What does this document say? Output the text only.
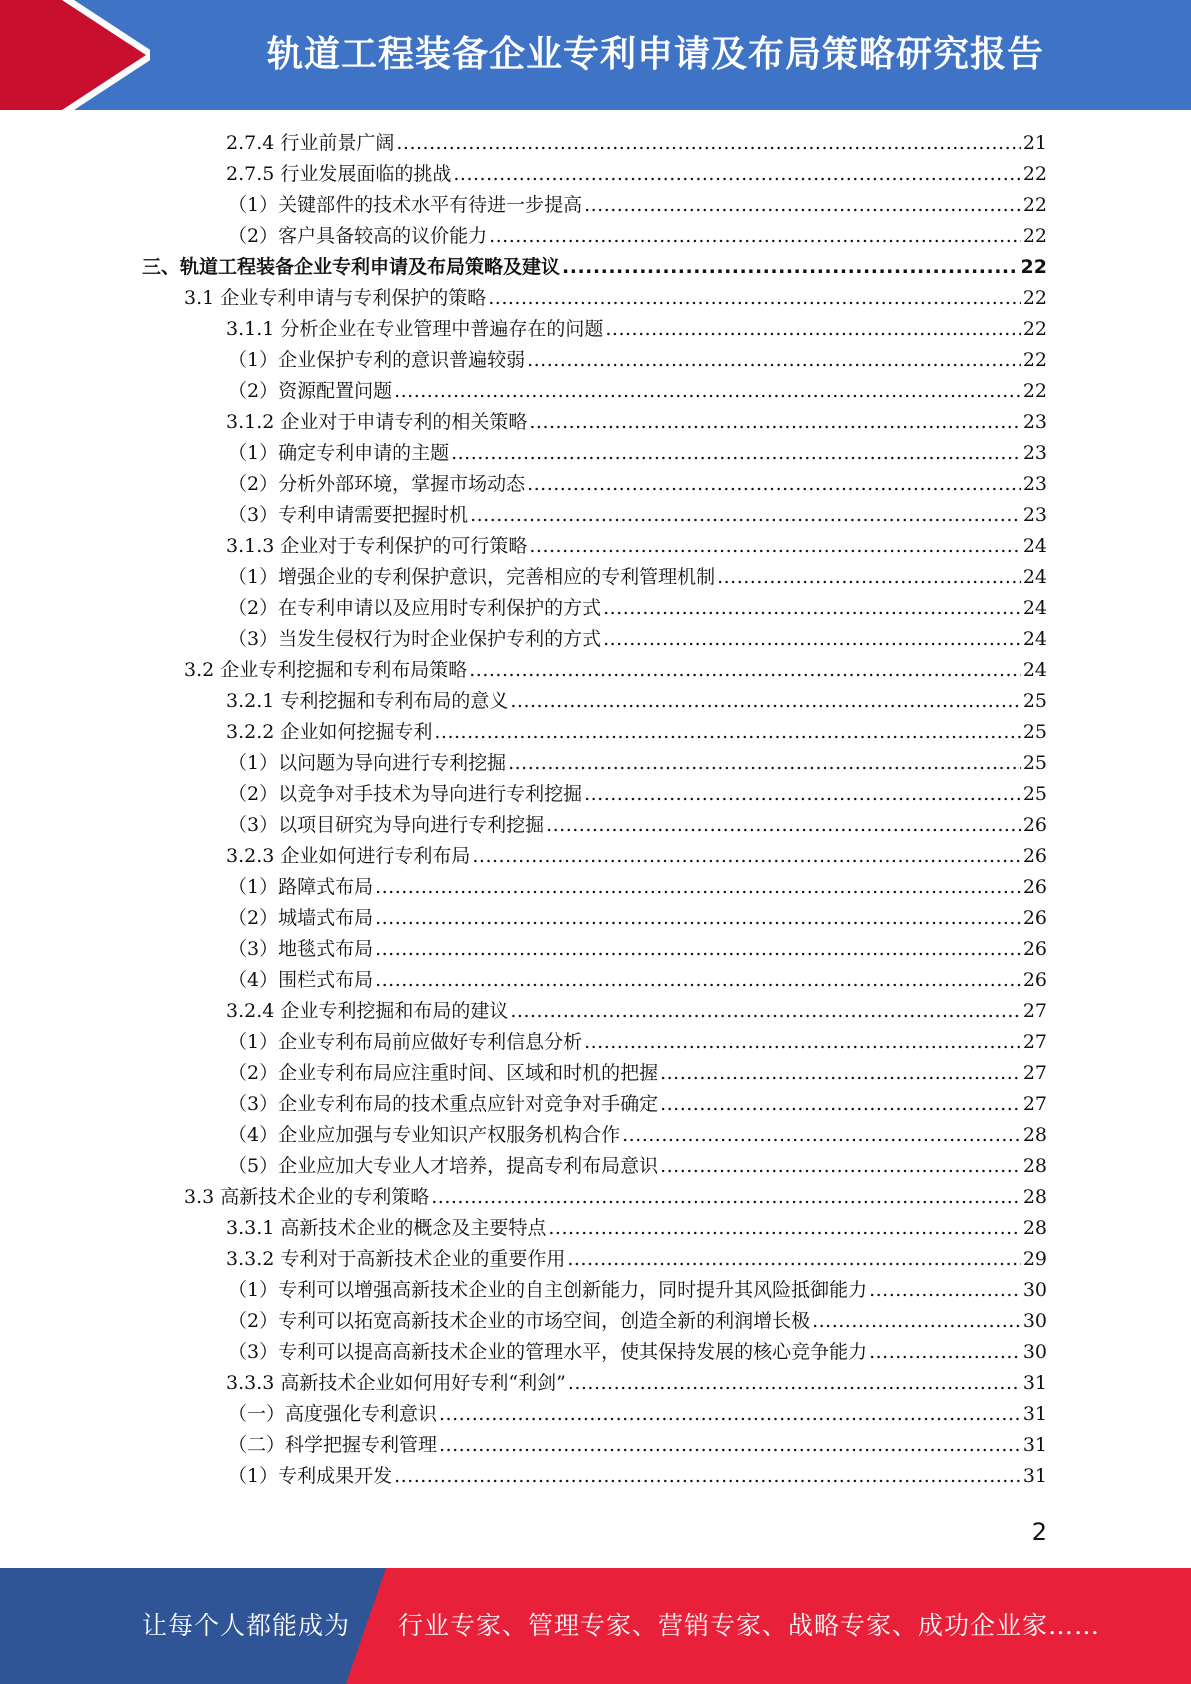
轨道工程装备企业专利申请及布局策略研究报告
2.7.4 行业前景广阔 .....	21
2.7.5 行业发展面临的挑战 .....	22
（1）关键部件的技术水平有待进一步提高 .....	22
（2）客户具备较高的议价能力 .....	22
三、轨道工程装备企业专利申请及布局策略及建议 .....	22
3.1 企业专利申请与专利保护的策略 .....	22
3.1.1 分析企业在专业管理中普遍存在的问题 .....	22
（1）企业保护专利的意识普遍较弱 .....	22
（2）资源配置问题 .....	22
3.1.2 企业对于申请专利的相关策略 .....	23
（1）确定专利申请的主题 .....	23
（2）分析外部环境，掌握市场动态 .....	23
（3）专利申请需要把握时机 .....	23
3.1.3 企业对于专利保护的可行策略 .....	24
（1）增强企业的专利保护意识，完善相应的专利管理机制 .....	24
（2）在专利申请以及应用时专利保护的方式 .....	24
（3）当发生侵权行为时企业保护专利的方式 .....	24
3.2 企业专利挖掘和专利布局策略 .....	24
3.2.1 专利挖掘和专利布局的意义 .....	25
3.2.2 企业如何挖掘专利 .....	25
（1）以问题为导向进行专利挖掘 .....	25
（2）以竞争对手技术为导向进行专利挖掘 .....	25
（3）以项目研究为导向进行专利挖掘 .....	26
3.2.3 企业如何进行专利布局 .....	26
（1）路障式布局 .....	26
（2）城墙式布局 .....	26
（3）地毯式布局 .....	26
（4）围栏式布局 .....	26
3.2.4 企业专利挖掘和布局的建议 .....	27
（1）企业专利布局前应做好专利信息分析 .....	27
（2）企业专利布局应注重时间、区域和时机的把握 .....	27
（3）企业专利布局的技术重点应针对竞争对手确定 .....	27
（4）企业应加强与专业知识产权服务机构合作 .....	28
（5）企业应加大专业人才培养，提高专利布局意识 .....	28
3.3 高新技术企业的专利策略 .....	28
3.3.1 高新技术企业的概念及主要特点 .....	28
3.3.2 专利对于高新技术企业的重要作用 .....	29
（1）专利可以增强高新技术企业的自主创新能力，同时提升其风险抵御能力 .....	30
（2）专利可以拓宽高新技术企业的市场空间，创造全新的利润增长极 .....	30
（3）专利可以提高高新技术企业的管理水平，使其保持发展的核心竞争能力 .....	30
3.3.3 高新技术企业如何用好专利“利剑” .....	31
（一）高度强化专利意识 .....	31
（二）科学把握专利管理 .....	31
（1）专利成果开发 .....	31
2
让每个人都能成为 行业专家、管理专家、营销专家、战略专家、成功企业家……
